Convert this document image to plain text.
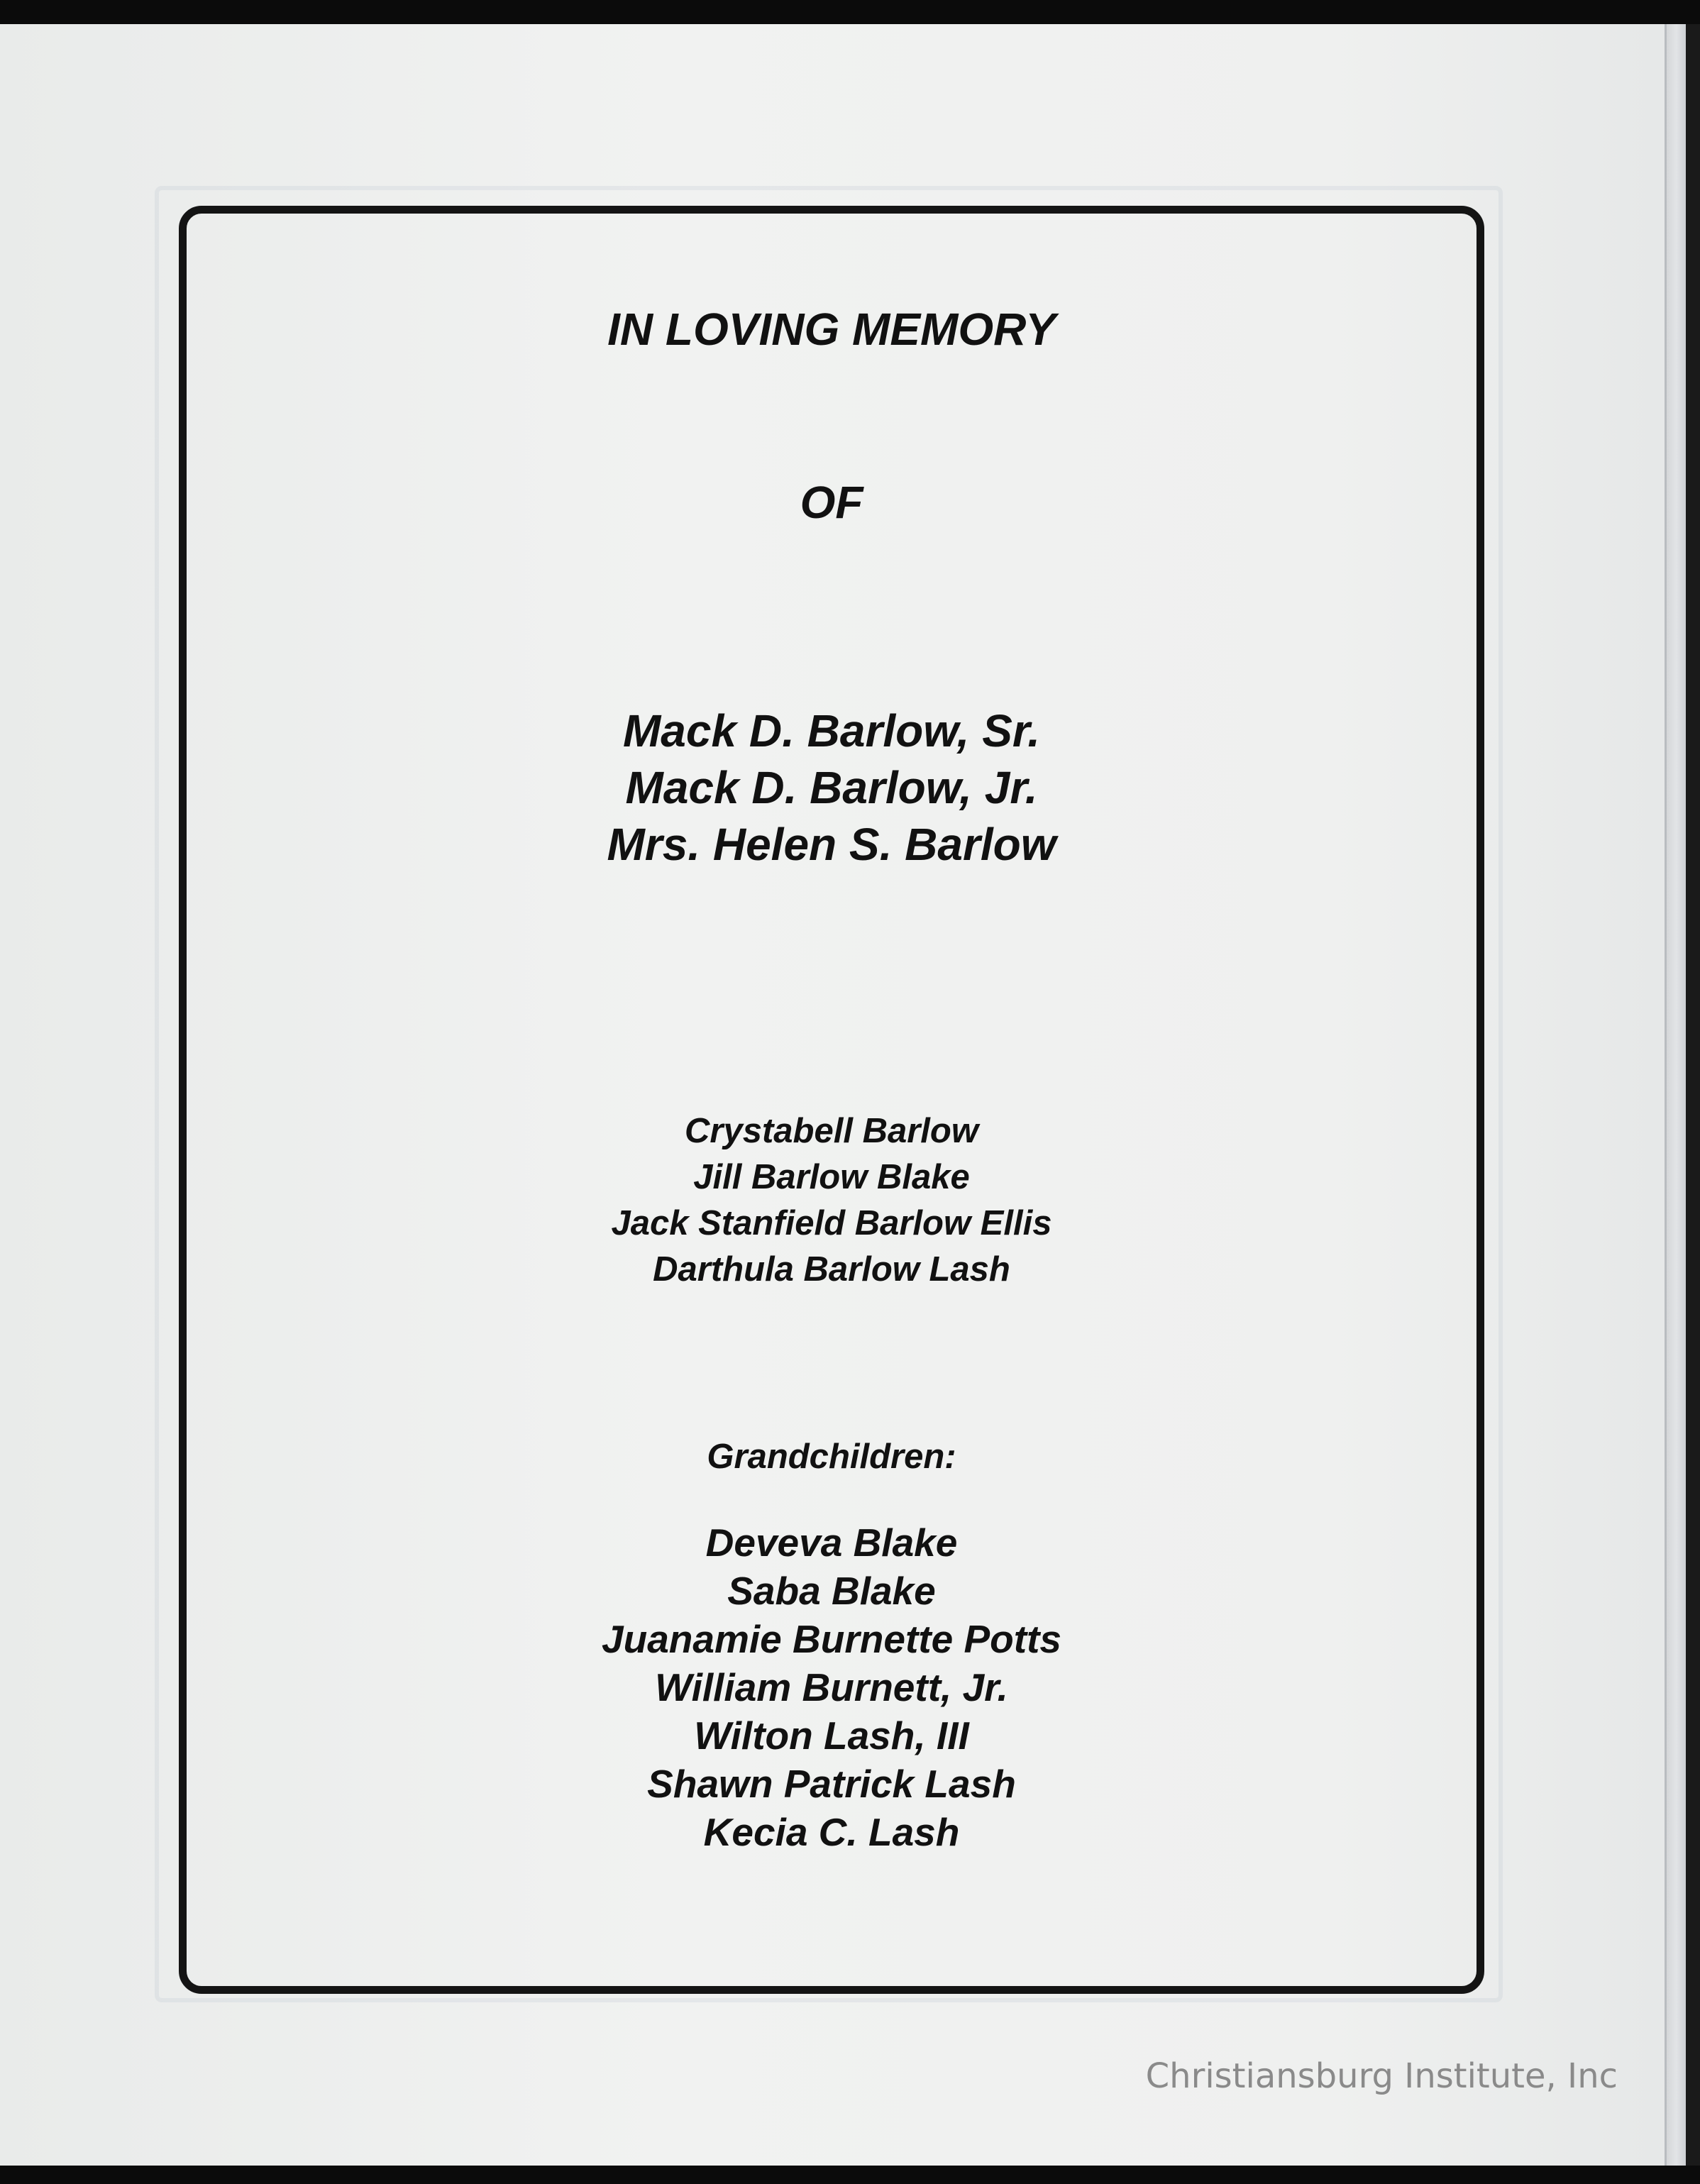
IN LOVING MEMORY

OF

Mack D. Barlow, Sr.
Mack D. Barlow, Jr.
Mrs. Helen S. Barlow
Crystabell Barlow
Jill Barlow Blake
Jack Stanfield Barlow Ellis
Darthula Barlow Lash

Grandchildren:

Deveva Blake
Saba Blake
Juanamie Burnette Potts
William Burnett, Jr.
Wilton Lash, III
Shawn Patrick Lash
Kecia C. Lash
Christiansburg Institute, Inc
